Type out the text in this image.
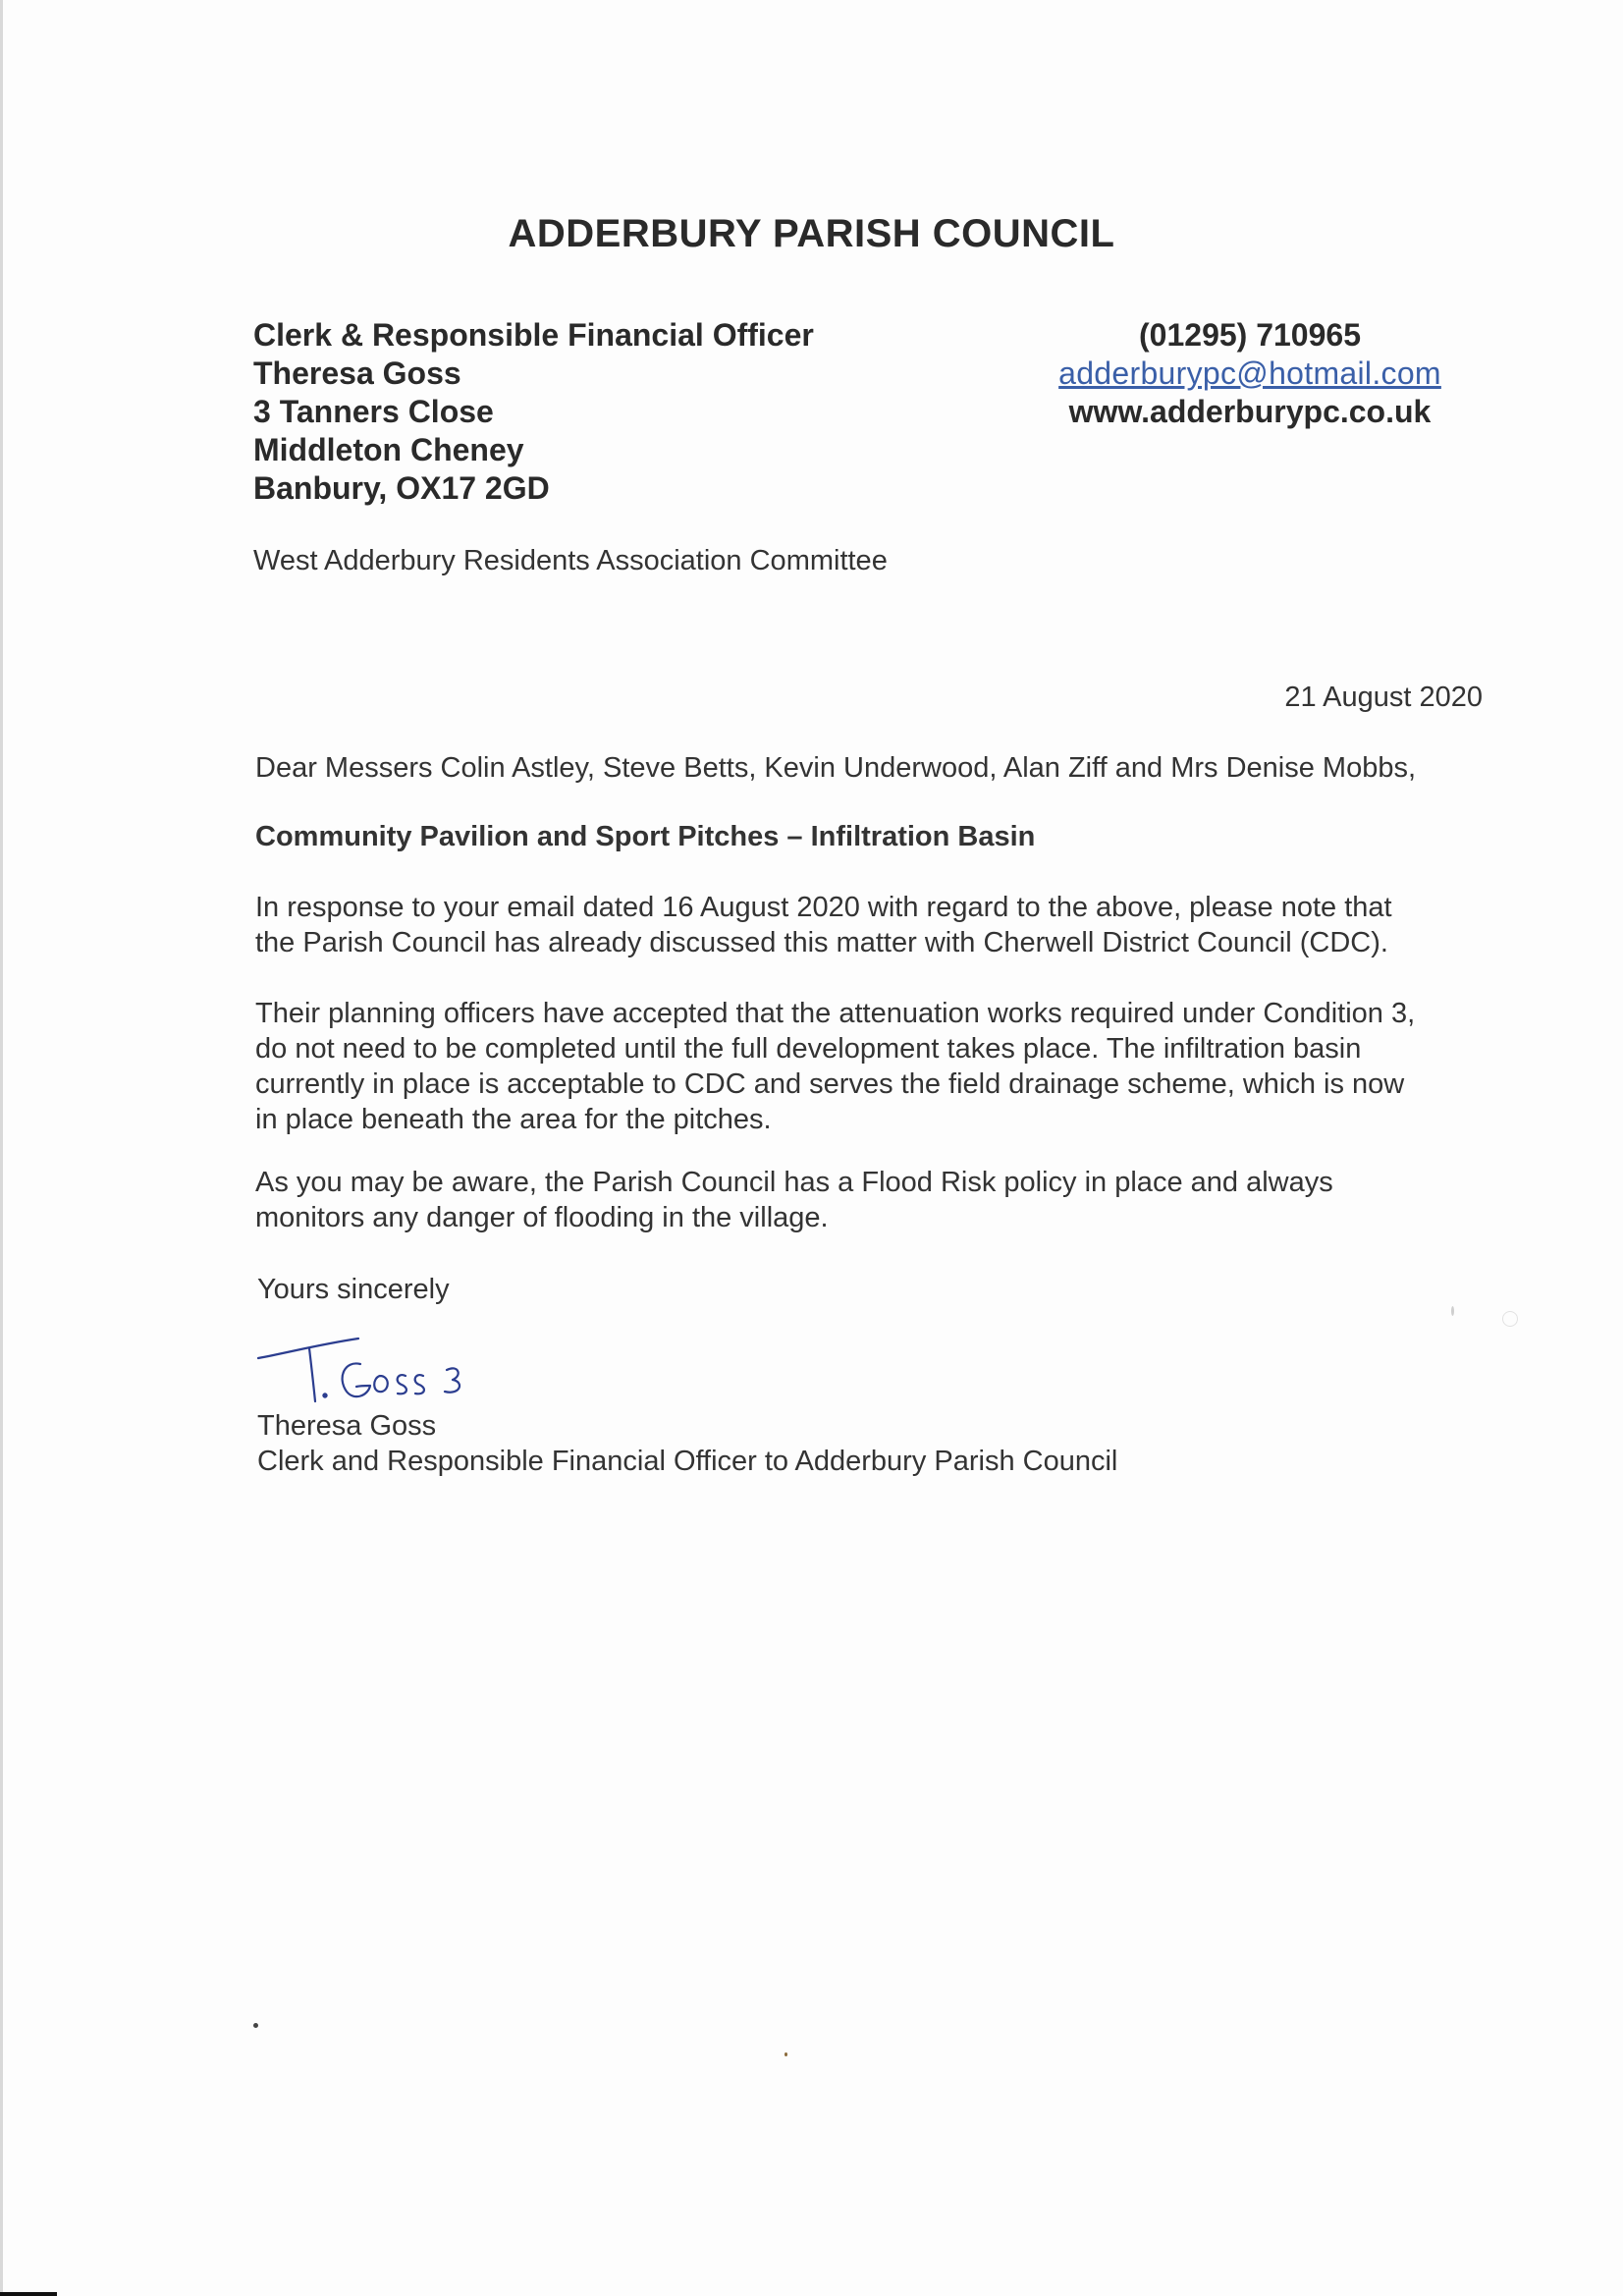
ADDERBURY PARISH COUNCIL
Clerk & Responsible Financial Officer
Theresa Goss
3 Tanners Close
Middleton Cheney
Banbury, OX17 2GD
(01295) 710965
adderburypc@hotmail.com
www.adderburypc.co.uk
West Adderbury Residents Association Committee
21 August 2020
Dear Messers Colin Astley, Steve Betts, Kevin Underwood, Alan Ziff and Mrs Denise Mobbs,
Community Pavilion and Sport Pitches – Infiltration Basin
In response to your email dated 16 August 2020 with regard to the above, please note that
the Parish Council has already discussed this matter with Cherwell District Council (CDC).
Their planning officers have accepted that the attenuation works required under Condition 3,
do not need to be completed until the full development takes place. The infiltration basin
currently in place is acceptable to CDC and serves the field drainage scheme, which is now
in place beneath the area for the pitches.
As you may be aware, the Parish Council has a Flood Risk policy in place and always
monitors any danger of flooding in the village.
Yours sincerely
Theresa Goss
Clerk and Responsible Financial Officer to Adderbury Parish Council
